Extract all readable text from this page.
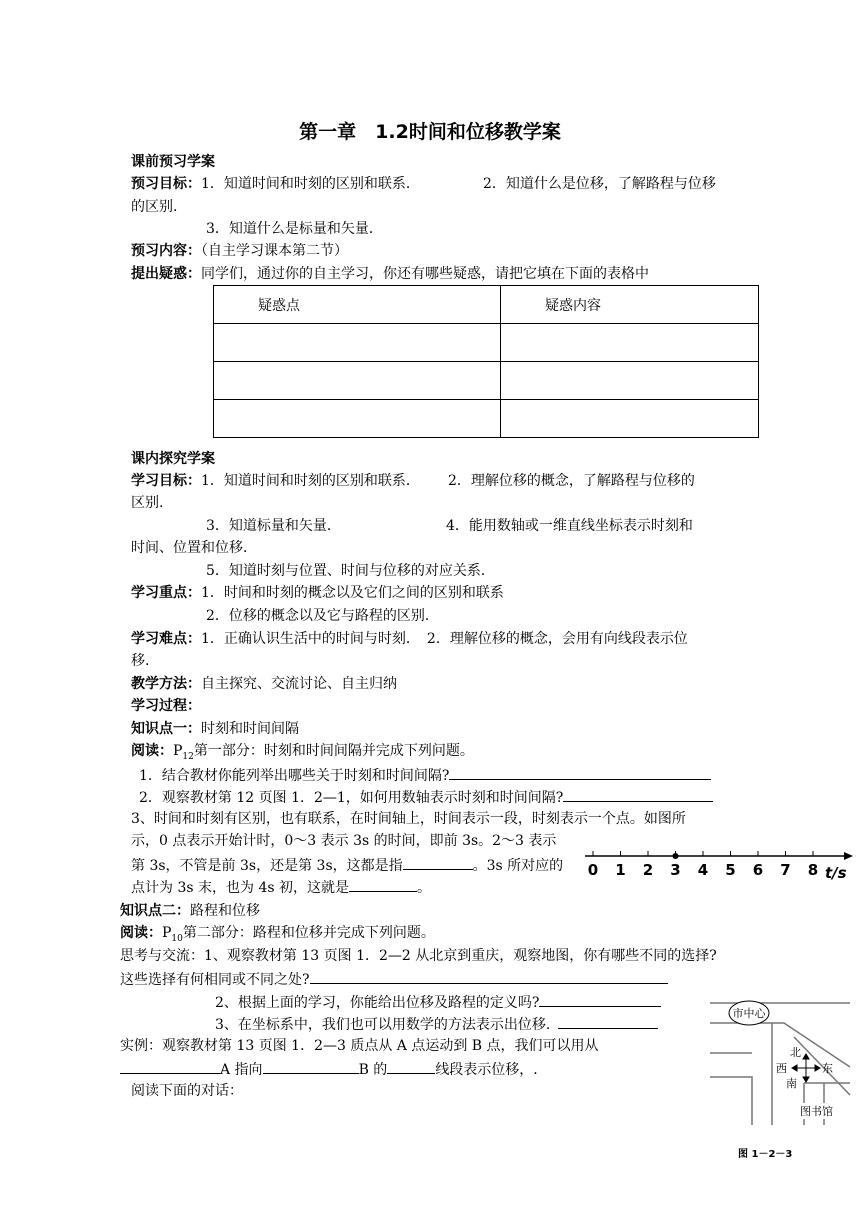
第一章　1.2时间和位移教学案
课前预习学案
预习目标：1．知道时间和时刻的区别和联系．	2．知道什么是位移，了解路程与位移
的区别.
3．知道什么是标量和矢量．
预习内容：（自主学习课本第二节）
提出疑惑：同学们，通过你的自主学习，你还有哪些疑惑，请把它填在下面的表格中
疑惑点	疑惑内容

课内探究学案
学习目标：1．知道时间和时刻的区别和联系． 2．理解位移的概念，了解路程与位移的
区别.
3．知道标量和矢量．	4．能用数轴或一维直线坐标表示时刻和
时间、位置和位移．
5．知道时刻与位置、时间与位移的对应关系．
学习重点：1．时间和时刻的概念以及它们之间的区别和联系
2．位移的概念以及它与路程的区别．
学习难点：1．正确认识生活中的时间与时刻．　2．理解位移的概念，会用有向线段表示位
移.
教学方法：自主探究、交流讨论、自主归纳
学习过程：
知识点一：时刻和时间间隔
阅读：$P_{12}$第一部分：时刻和时间间隔并完成下列问题。
1．结合教材你能列举出哪些关于时刻和时间间隔?
2．观察教材第 12 页图 1．2—1，如何用数轴表示时刻和时间间隔?
3、时间和时刻有区别，也有联系，在时间轴上，时间表示一段，时刻表示一个点。如图所
示，0 点表示开始计时，0～3 表示 3s 的时间，即前 3s。2～3 表示
第 3s，不管是前 3s，还是第 3s，这都是指	。3s 所对应的
点计为 3s 末，也为 4s 初，这就是	。
0 1 2 3 4 5 6 7 8 t/s
知识点二：路程和位移
阅读：$P_{10}$第二部分：路程和位移并完成下列问题。
思考与交流：1、观察教材第 13 页图 1．2—2 从北京到重庆，观察地图，你有哪些不同的选择?
这些选择有何相同或不同之处?
2、根据上面的学习，你能给出位移及路程的定义吗?
3、在坐标系中，我们也可以用数学的方法表示出位移.
实例：观察教材第 13 页图 1．2—3 质点从 A 点运动到 B 点，我们可以用从
A 指向	B 的	线段表示位移，.
阅读下面的对话：
市中心
北
南
西	东
图书馆
图 1－2－3
